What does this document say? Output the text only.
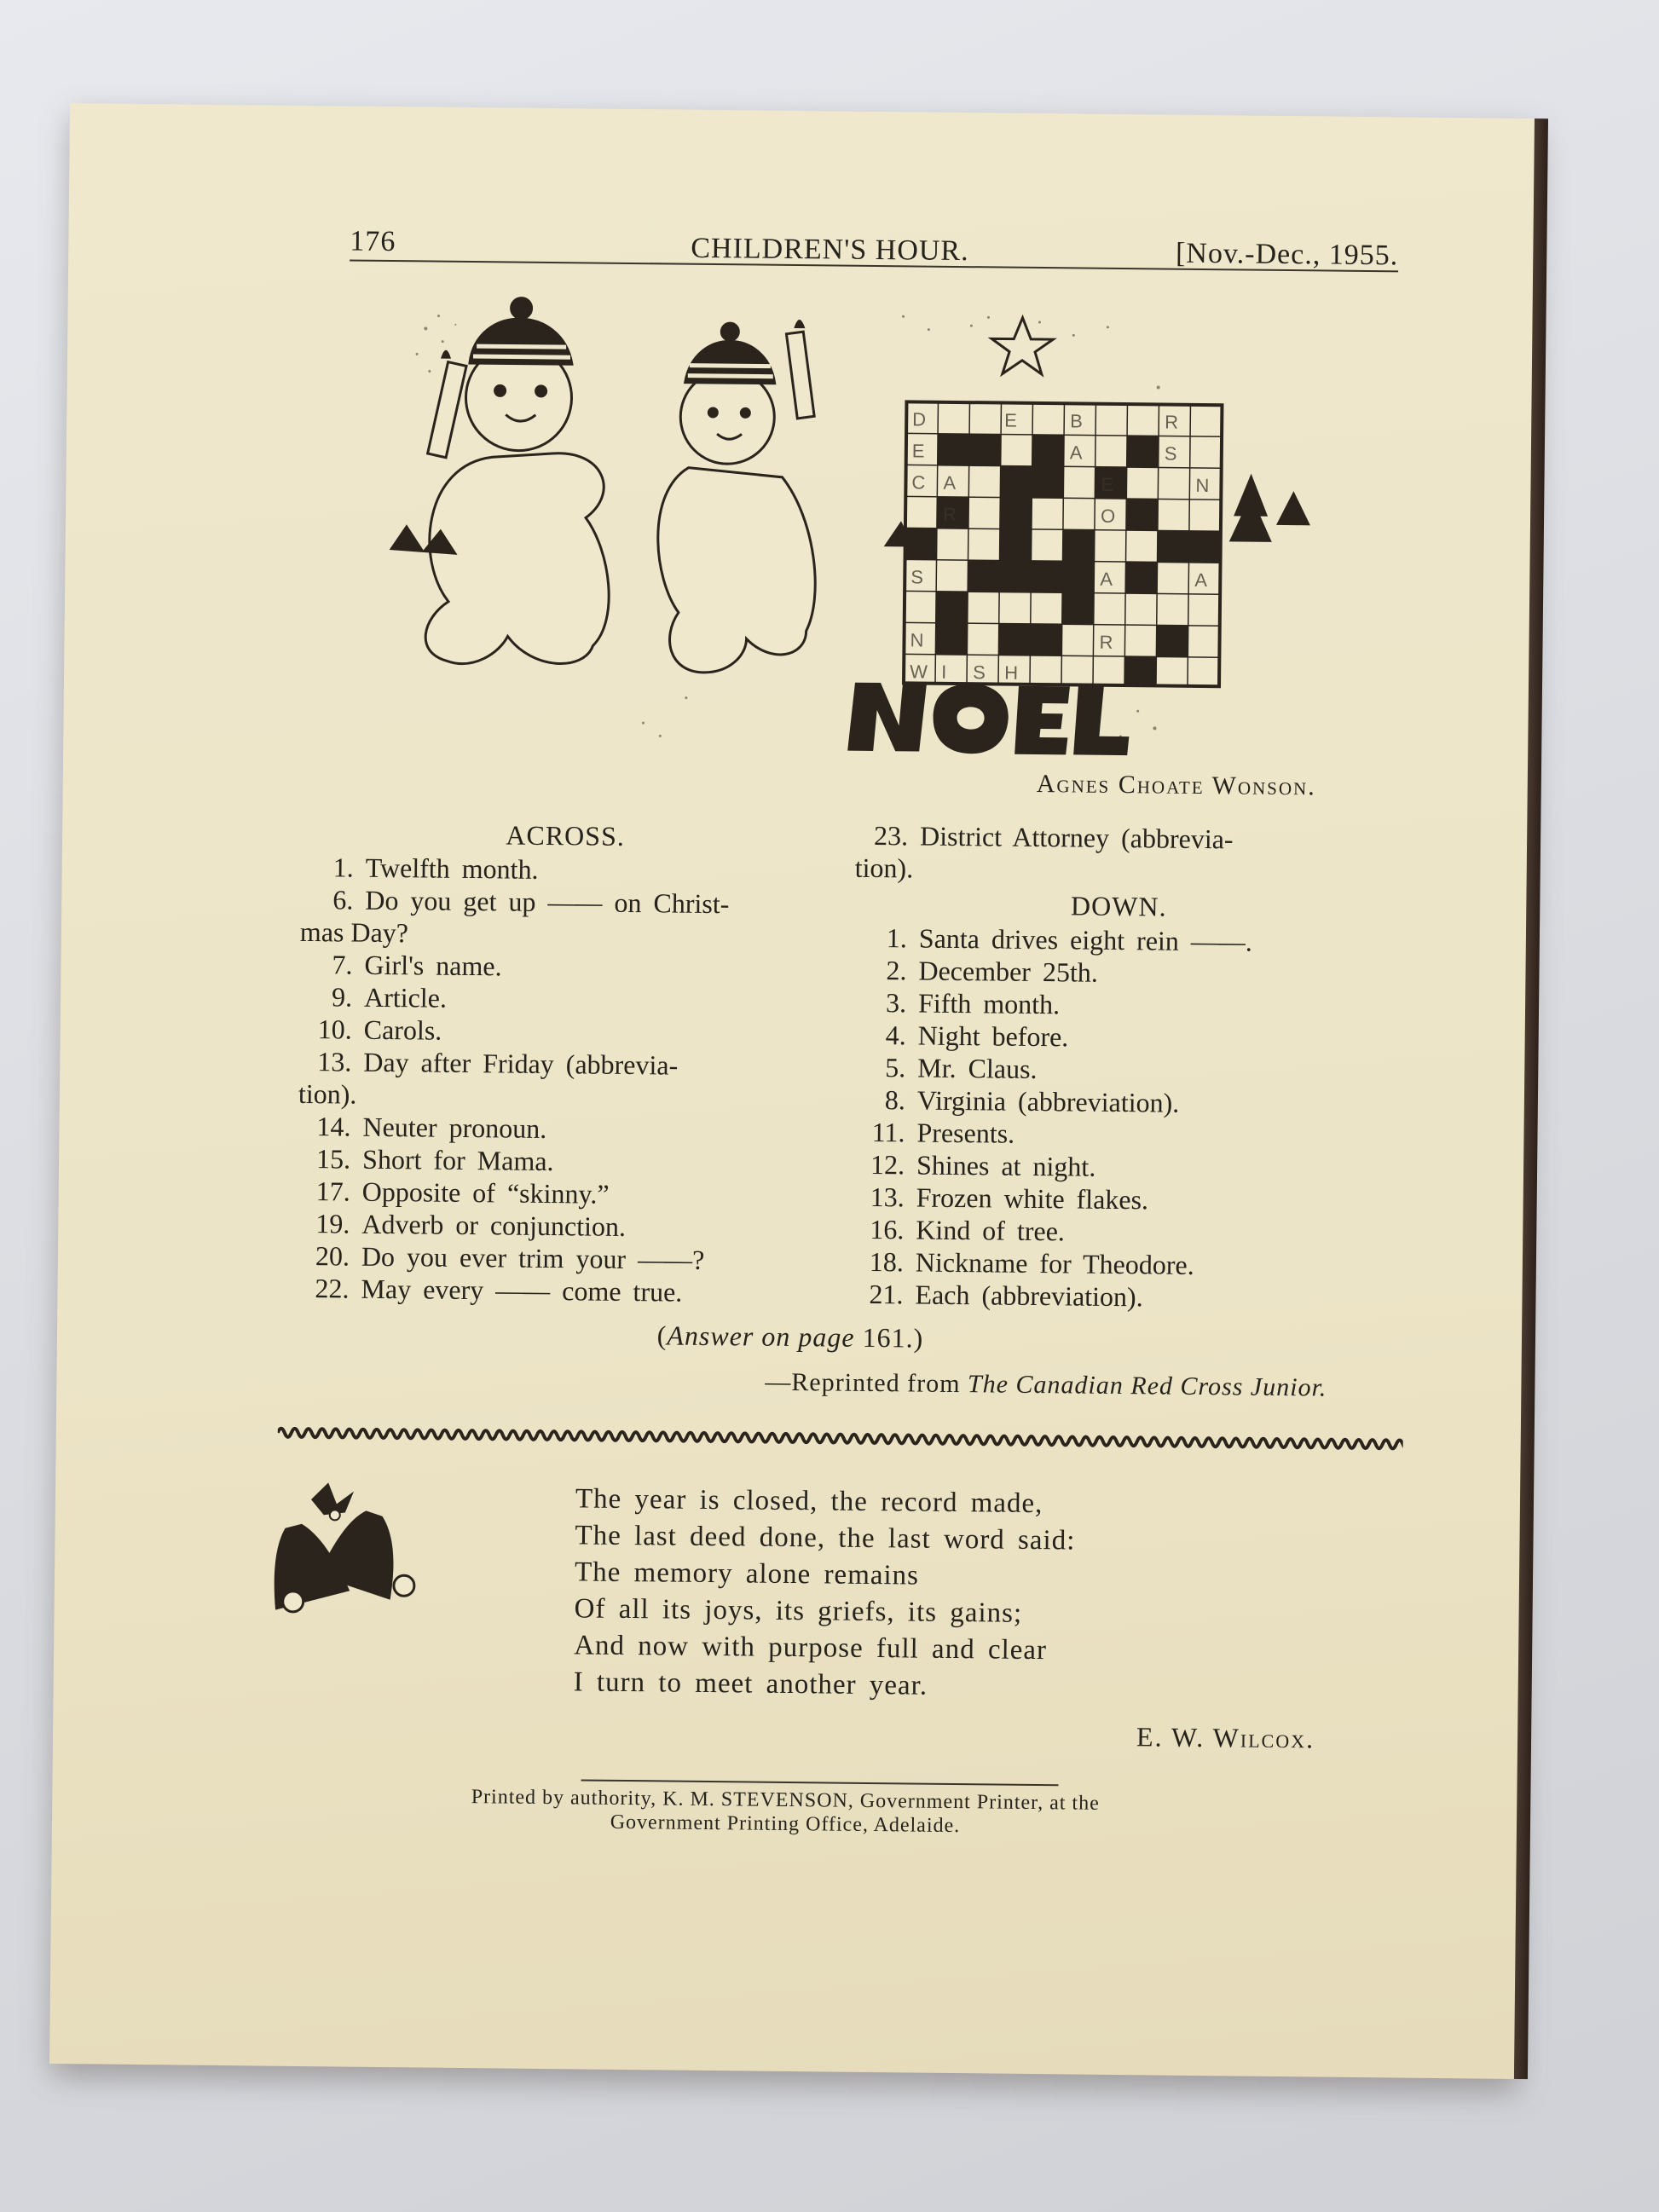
176	CHILDREN'S HOUR.	[Nov.-Dec., 1955.
D	E	B	R
E	A	S
C A	E	N
R	O
S	A	A
N	R
W I S H
Agnes Choate Wonson.
ACROSS.
1. Twelfth month.
6. Do you get up —— on Christ-
mas Day?
7. Girl's name.
9. Article.
10. Carols.
13. Day after Friday (abbrevia-
tion).
14. Neuter pronoun.
15. Short for Mama.
17. Opposite of “skinny.”
19. Adverb or conjunction.
20. Do you ever trim your ——?
22. May every —— come true.
23. District Attorney (abbrevia-
tion).
DOWN.
1. Santa drives eight rein ——.
2. December 25th.
3. Fifth month.
4. Night before.
5. Mr. Claus.
8. Virginia (abbreviation).
11. Presents.
12. Shines at night.
13. Frozen white flakes.
16. Kind of tree.
18. Nickname for Theodore.
21. Each (abbreviation).
(Answer on page 161.)
—Reprinted from The Canadian Red Cross Junior.
The year is closed, the record made,
The last deed done, the last word said:
The memory alone remains
Of all its joys, its griefs, its gains;
And now with purpose full and clear
I turn to meet another year.
E. W. Wilcox.
Printed by authority, K. M. STEVENSON, Government Printer, at the
Government Printing Office, Adelaide.
